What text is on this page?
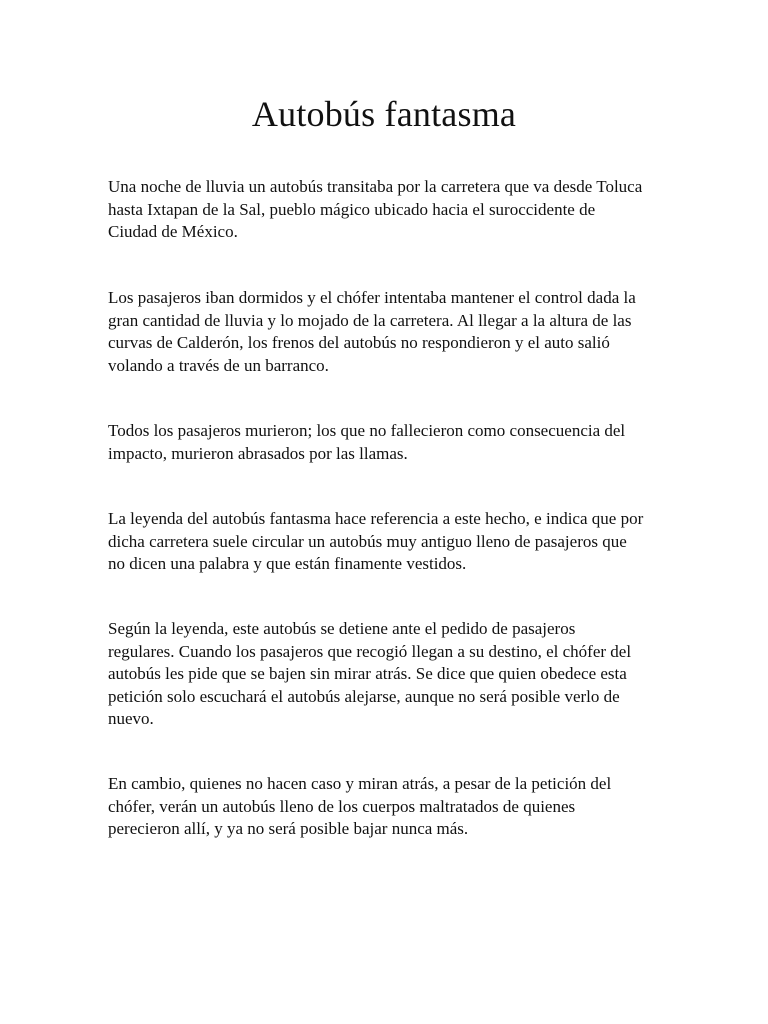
Autobús fantasma

Una noche de lluvia un autobús transitaba por la carretera que va desde Toluca
hasta Ixtapan de la Sal, pueblo mágico ubicado hacia el suroccidente de
Ciudad de México.

Los pasajeros iban dormidos y el chófer intentaba mantener el control dada la
gran cantidad de lluvia y lo mojado de la carretera. Al llegar a la altura de las
curvas de Calderón, los frenos del autobús no respondieron y el auto salió
volando a través de un barranco.

Todos los pasajeros murieron; los que no fallecieron como consecuencia del
impacto, murieron abrasados por las llamas.

La leyenda del autobús fantasma hace referencia a este hecho, e indica que por
dicha carretera suele circular un autobús muy antiguo lleno de pasajeros que
no dicen una palabra y que están finamente vestidos.

Según la leyenda, este autobús se detiene ante el pedido de pasajeros
regulares. Cuando los pasajeros que recogió llegan a su destino, el chófer del
autobús les pide que se bajen sin mirar atrás. Se dice que quien obedece esta
petición solo escuchará el autobús alejarse, aunque no será posible verlo de
nuevo.

En cambio, quienes no hacen caso y miran atrás, a pesar de la petición del
chófer, verán un autobús lleno de los cuerpos maltratados de quienes
perecieron allí, y ya no será posible bajar nunca más.
